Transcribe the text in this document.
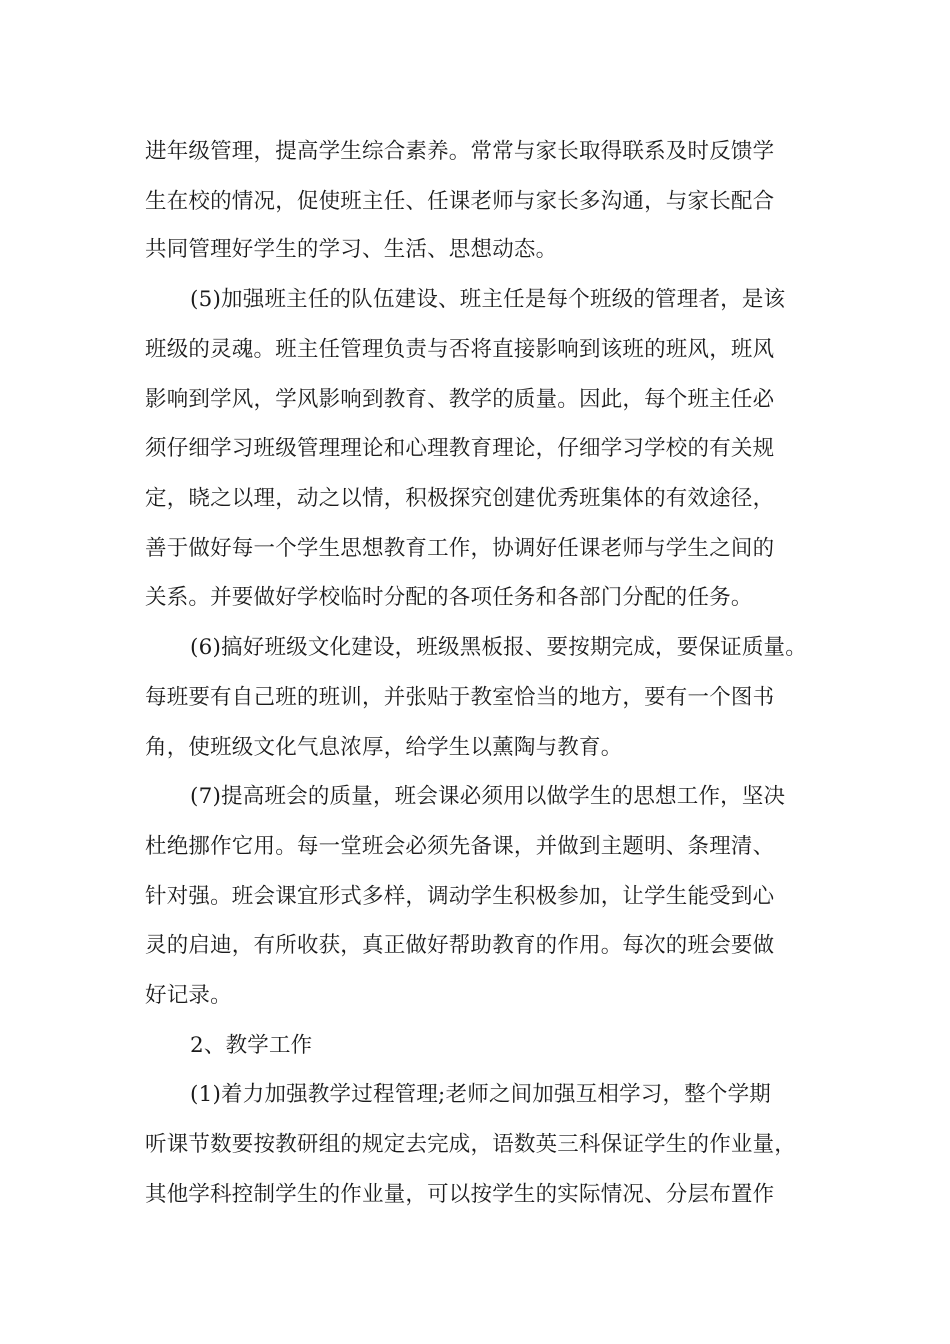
进年级管理，提高学生综合素养。常常与家长取得联系及时反馈学

生在校的情况，促使班主任、任课老师与家长多沟通，与家长配合

共同管理好学生的学习、生活、思想动态。

(5)加强班主任的队伍建设、班主任是每个班级的管理者，是该

班级的灵魂。班主任管理负责与否将直接影响到该班的班风，班风

影响到学风，学风影响到教育、教学的质量。因此，每个班主任必

须仔细学习班级管理理论和心理教育理论，仔细学习学校的有关规

定，晓之以理，动之以情，积极探究创建优秀班集体的有效途径，

善于做好每一个学生思想教育工作，协调好任课老师与学生之间的

关系。并要做好学校临时分配的各项任务和各部门分配的任务。

(6)搞好班级文化建设，班级黑板报、要按期完成，要保证质量。

每班要有自己班的班训，并张贴于教室恰当的地方，要有一个图书

角，使班级文化气息浓厚，给学生以薰陶与教育。

(7)提高班会的质量，班会课必须用以做学生的思想工作，坚决

杜绝挪作它用。每一堂班会必须先备课，并做到主题明、条理清、

针对强。班会课宜形式多样，调动学生积极参加，让学生能受到心

灵的启迪，有所收获，真正做好帮助教育的作用。每次的班会要做

好记录。

2、教学工作

(1)着力加强教学过程管理;老师之间加强互相学习，整个学期

听课节数要按教研组的规定去完成，语数英三科保证学生的作业量，

其他学科控制学生的作业量，可以按学生的实际情况、分层布置作
